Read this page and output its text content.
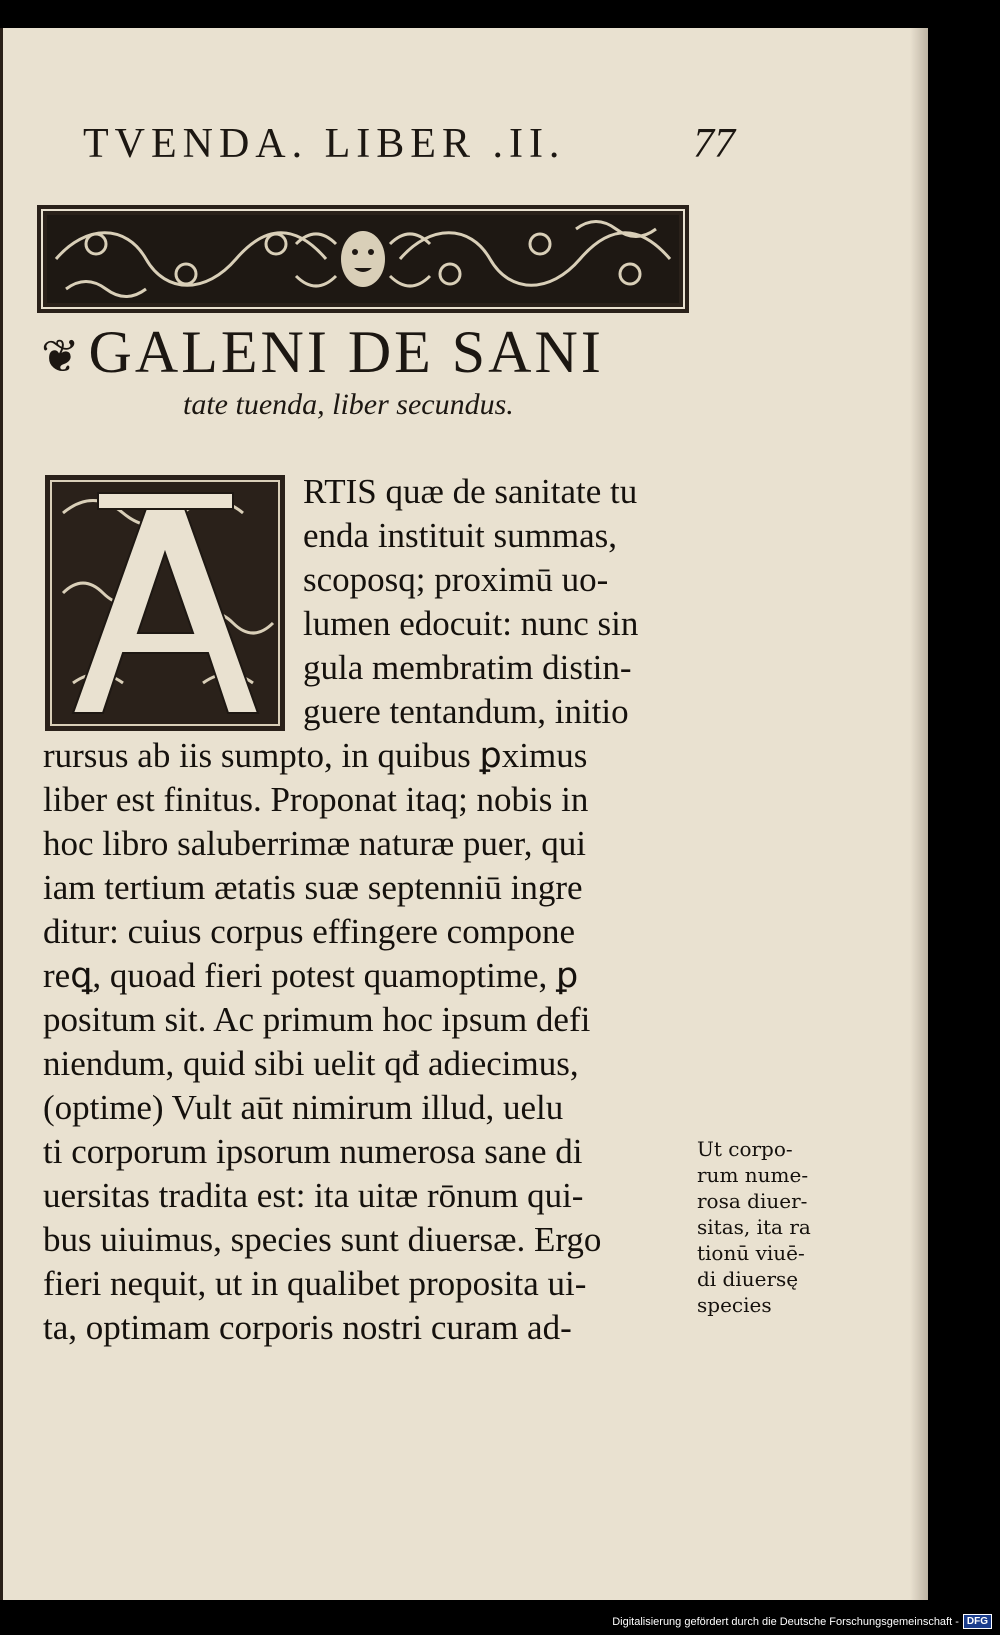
TVENDA. LIBER .II.	77
❦ GALENI DE SANI
tate tuenda, liber secundus.
RTIS quæ de sanitate tu
enda instituit summas,
scoposq; proximū uo-
lumen edocuit: nunc sin
gula membratim distin-
guere tentandum, initio
rursus ab iis sumpto, in quibus ꝑximus
liber est finitus. Proponat itaq; nobis in
hoc libro saluberrimæ naturæ puer, qui
iam tertium ætatis suæ septenniū ingre
ditur: cuius corpus effingere compone
reꝗ, quoad fieri potest quamoptime, ꝑ
positum sit. Ac primum hoc ipsum defi
niendum, quid sibi uelit qđ adiecimus,
(optime) Vult aūt nimirum illud, uelu
ti corporum ipsorum numerosa sane di
uersitas tradita est: ita uitæ rōnum qui-
bus uiuimus, species sunt diuersæ. Ergo
fieri nequit, ut in qualibet proposita ui-
ta, optimam corporis nostri curam ad-
Ut corpo-
rum nume-
rosa diuer-
sitas, ita ra
tionū viuē-
di diuersę
species
Digitalisierung gefördert durch die Deutsche Forschungsgemeinschaft - DFG
